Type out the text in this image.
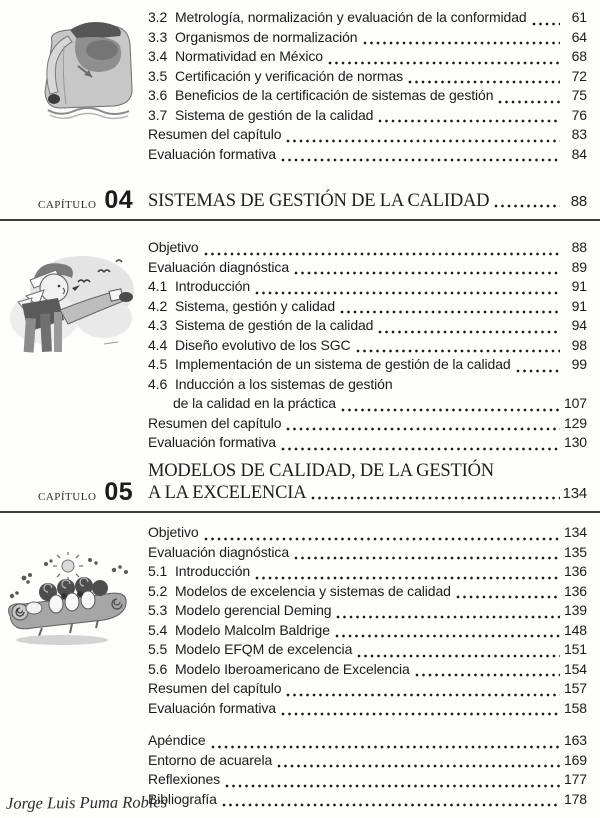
3.2 Metrología, normalización y evaluación de la conformidad	61
3.3 Organismos de normalización	64
3.4 Normatividad en México	68
3.5 Certificación y verificación de normas	72
3.6 Beneficios de la certificación de sistemas de gestión	75
3.7 Sistema de gestión de la calidad	76
Resumen del capítulo	83
Evaluación formativa	84
CAPÍTULO 04 SISTEMAS DE GESTIÓN DE LA CALIDAD	88
Objetivo	88
Evaluación diagnóstica	89
4.1 Introducción	91
4.2 Sistema, gestión y calidad	91
4.3 Sistema de gestión de la calidad	94
4.4 Diseño evolutivo de los SGC	98
4.5 Implementación de un sistema de gestión de la calidad	99
4.6 Inducción a los sistemas de gestión
de la calidad en la práctica	107
Resumen del capítulo	129
Evaluación formativa	130
CAPÍTULO 05
MODELOS DE CALIDAD, DE LA GESTIÓN
A LA EXCELENCIA	134
Objetivo	134
Evaluación diagnóstica	135
5.1 Introducción	136
5.2 Modelos de excelencia y sistemas de calidad	136
5.3 Modelo gerencial Deming	139
5.4 Modelo Malcolm Baldrige	148
5.5 Modelo EFQM de excelencia	151
5.6 Modelo Iberoamericano de Excelencia	154
Resumen del capítulo	157
Evaluación formativa	158
Apéndice	163
Entorno de acuarela	169
Reflexiones	177
Bibliografía	178
Jorge Luis Puma Robles
